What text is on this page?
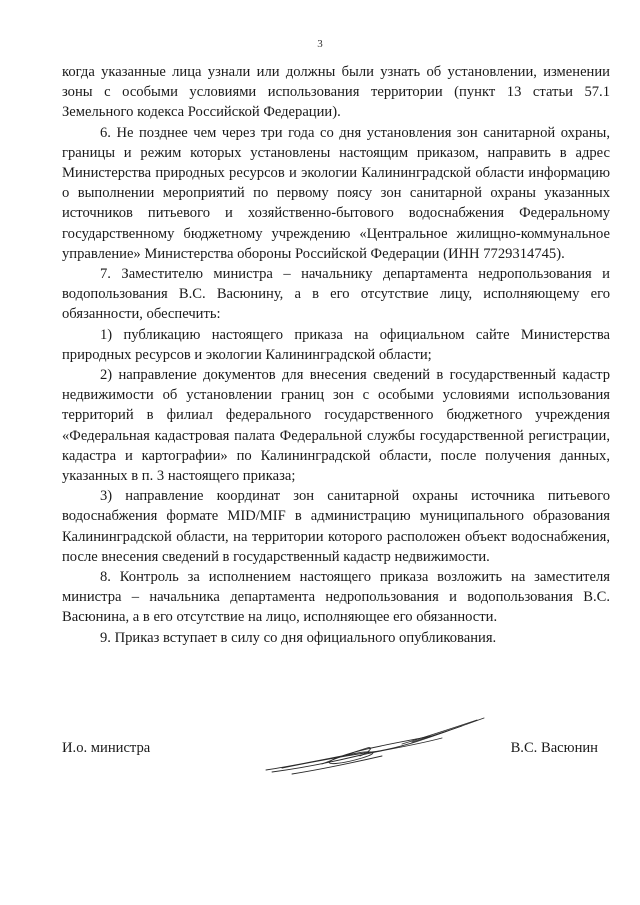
3

когда указанные лица узнали или должны были узнать об установлении, изменении зоны с особыми условиями использования территории (пункт 13 статьи 57.1 Земельного кодекса Российской Федерации).

6. Не позднее чем через три года со дня установления зон санитарной охраны, границы и режим которых установлены настоящим приказом, направить в адрес Министерства природных ресурсов и экологии Калининградской области информацию о выполнении мероприятий по первому поясу зон санитарной охраны указанных источников питьевого и хозяйственно-бытового водоснабжения Федеральному государственному бюджетному учреждению «Центральное жилищно-коммунальное управление» Министерства обороны Российской Федерации (ИНН 7729314745).

7. Заместителю министра – начальнику департамента недропользования и водопользования В.С. Васюнину, а в его отсутствие лицу, исполняющему его обязанности, обеспечить:

1) публикацию настоящего приказа на официальном сайте Министерства природных ресурсов и экологии Калининградской области;

2) направление документов для внесения сведений в государственный кадастр недвижимости об установлении границ зон с особыми условиями использования территорий в филиал федерального государственного бюджетного учреждения «Федеральная кадастровая палата Федеральной службы государственной регистрации, кадастра и картографии» по Калининградской области, после получения данных, указанных в п. 3 настоящего приказа;

3) направление координат зон санитарной охраны источника питьевого водоснабжения формате MID/MIF в администрацию муниципального образования Калининградской области, на территории которого расположен объект водоснабжения, после внесения сведений в государственный кадастр недвижимости.

8. Контроль за исполнением настоящего приказа возложить на заместителя министра – начальника департамента недропользования и водопользования В.С. Васюнина, а в его отсутствие на лицо, исполняющее его обязанности.

9. Приказ вступает в силу со дня официального опубликования.

И.о. министра	В.С. Васюнин
